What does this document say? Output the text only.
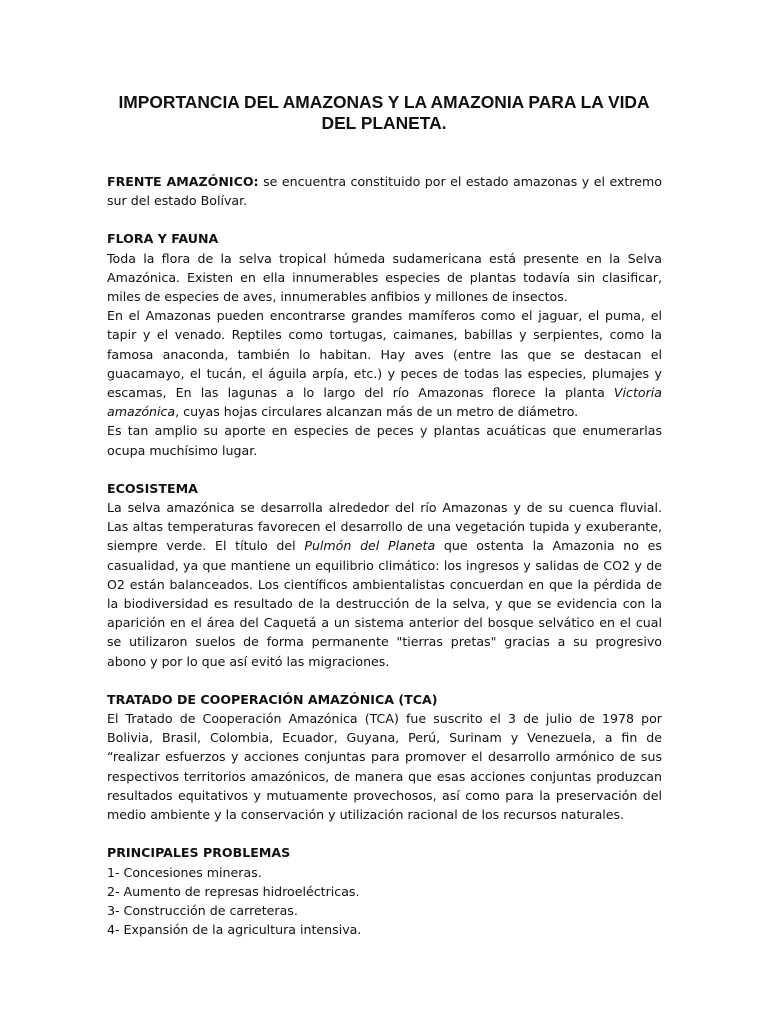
IMPORTANCIA DEL AMAZONAS Y LA AMAZONIA PARA LA VIDA DEL PLANETA.

FRENTE AMAZÓNICO: se encuentra constituido por el estado amazonas y el extremo sur del estado Bolívar.

FLORA Y FAUNA

Toda la flora de la selva tropical húmeda sudamericana está presente en la Selva Amazónica. Existen en ella innumerables especies de plantas todavía sin clasificar, miles de especies de aves, innumerables anfibios y millones de insectos.

En el Amazonas pueden encontrarse grandes mamíferos como el jaguar, el puma, el tapir y el venado. Reptiles como tortugas, caimanes, babillas y serpientes, como la famosa anaconda, también lo habitan. Hay aves (entre las que se destacan el guacamayo, el tucán, el águila arpía, etc.) y peces de todas las especies, plumajes y escamas, En las lagunas a lo largo del río Amazonas florece la planta Victoria amazónica, cuyas hojas circulares alcanzan más de un metro de diámetro.

Es tan amplio su aporte en especies de peces y plantas acuáticas que enumerarlas ocupa muchísimo lugar.

ECOSISTEMA

La selva amazónica se desarrolla alrededor del río Amazonas y de su cuenca fluvial. Las altas temperaturas favorecen el desarrollo de una vegetación tupida y exuberante, siempre verde. El título del Pulmón del Planeta que ostenta la Amazonia no es casualidad, ya que mantiene un equilibrio climático: los ingresos y salidas de CO2 y de O2 están balanceados. Los científicos ambientalistas concuerdan en que la pérdida de la biodiversidad es resultado de la destrucción de la selva, y que se evidencia con la aparición en el área del Caquetá a un sistema anterior del bosque selvático en el cual se utilizaron suelos de forma permanente "tierras pretas" gracias a su progresivo abono y por lo que así evitó las migraciones.

TRATADO DE COOPERACIÓN AMAZÓNICA (TCA)

El Tratado de Cooperación Amazónica (TCA) fue suscrito el 3 de julio de 1978 por Bolivia, Brasil, Colombia, Ecuador, Guyana, Perú, Surinam y Venezuela, a fin de “realizar esfuerzos y acciones conjuntas para promover el desarrollo armónico de sus respectivos territorios amazónicos, de manera que esas acciones conjuntas produzcan resultados equitativos y mutuamente provechosos, así como para la preservación del medio ambiente y la conservación y utilización racional de los recursos naturales.

PRINCIPALES PROBLEMAS

1- Concesiones mineras.
2- Aumento de represas hidroeléctricas.
3- Construcción de carreteras.
4- Expansión de la agricultura intensiva.
